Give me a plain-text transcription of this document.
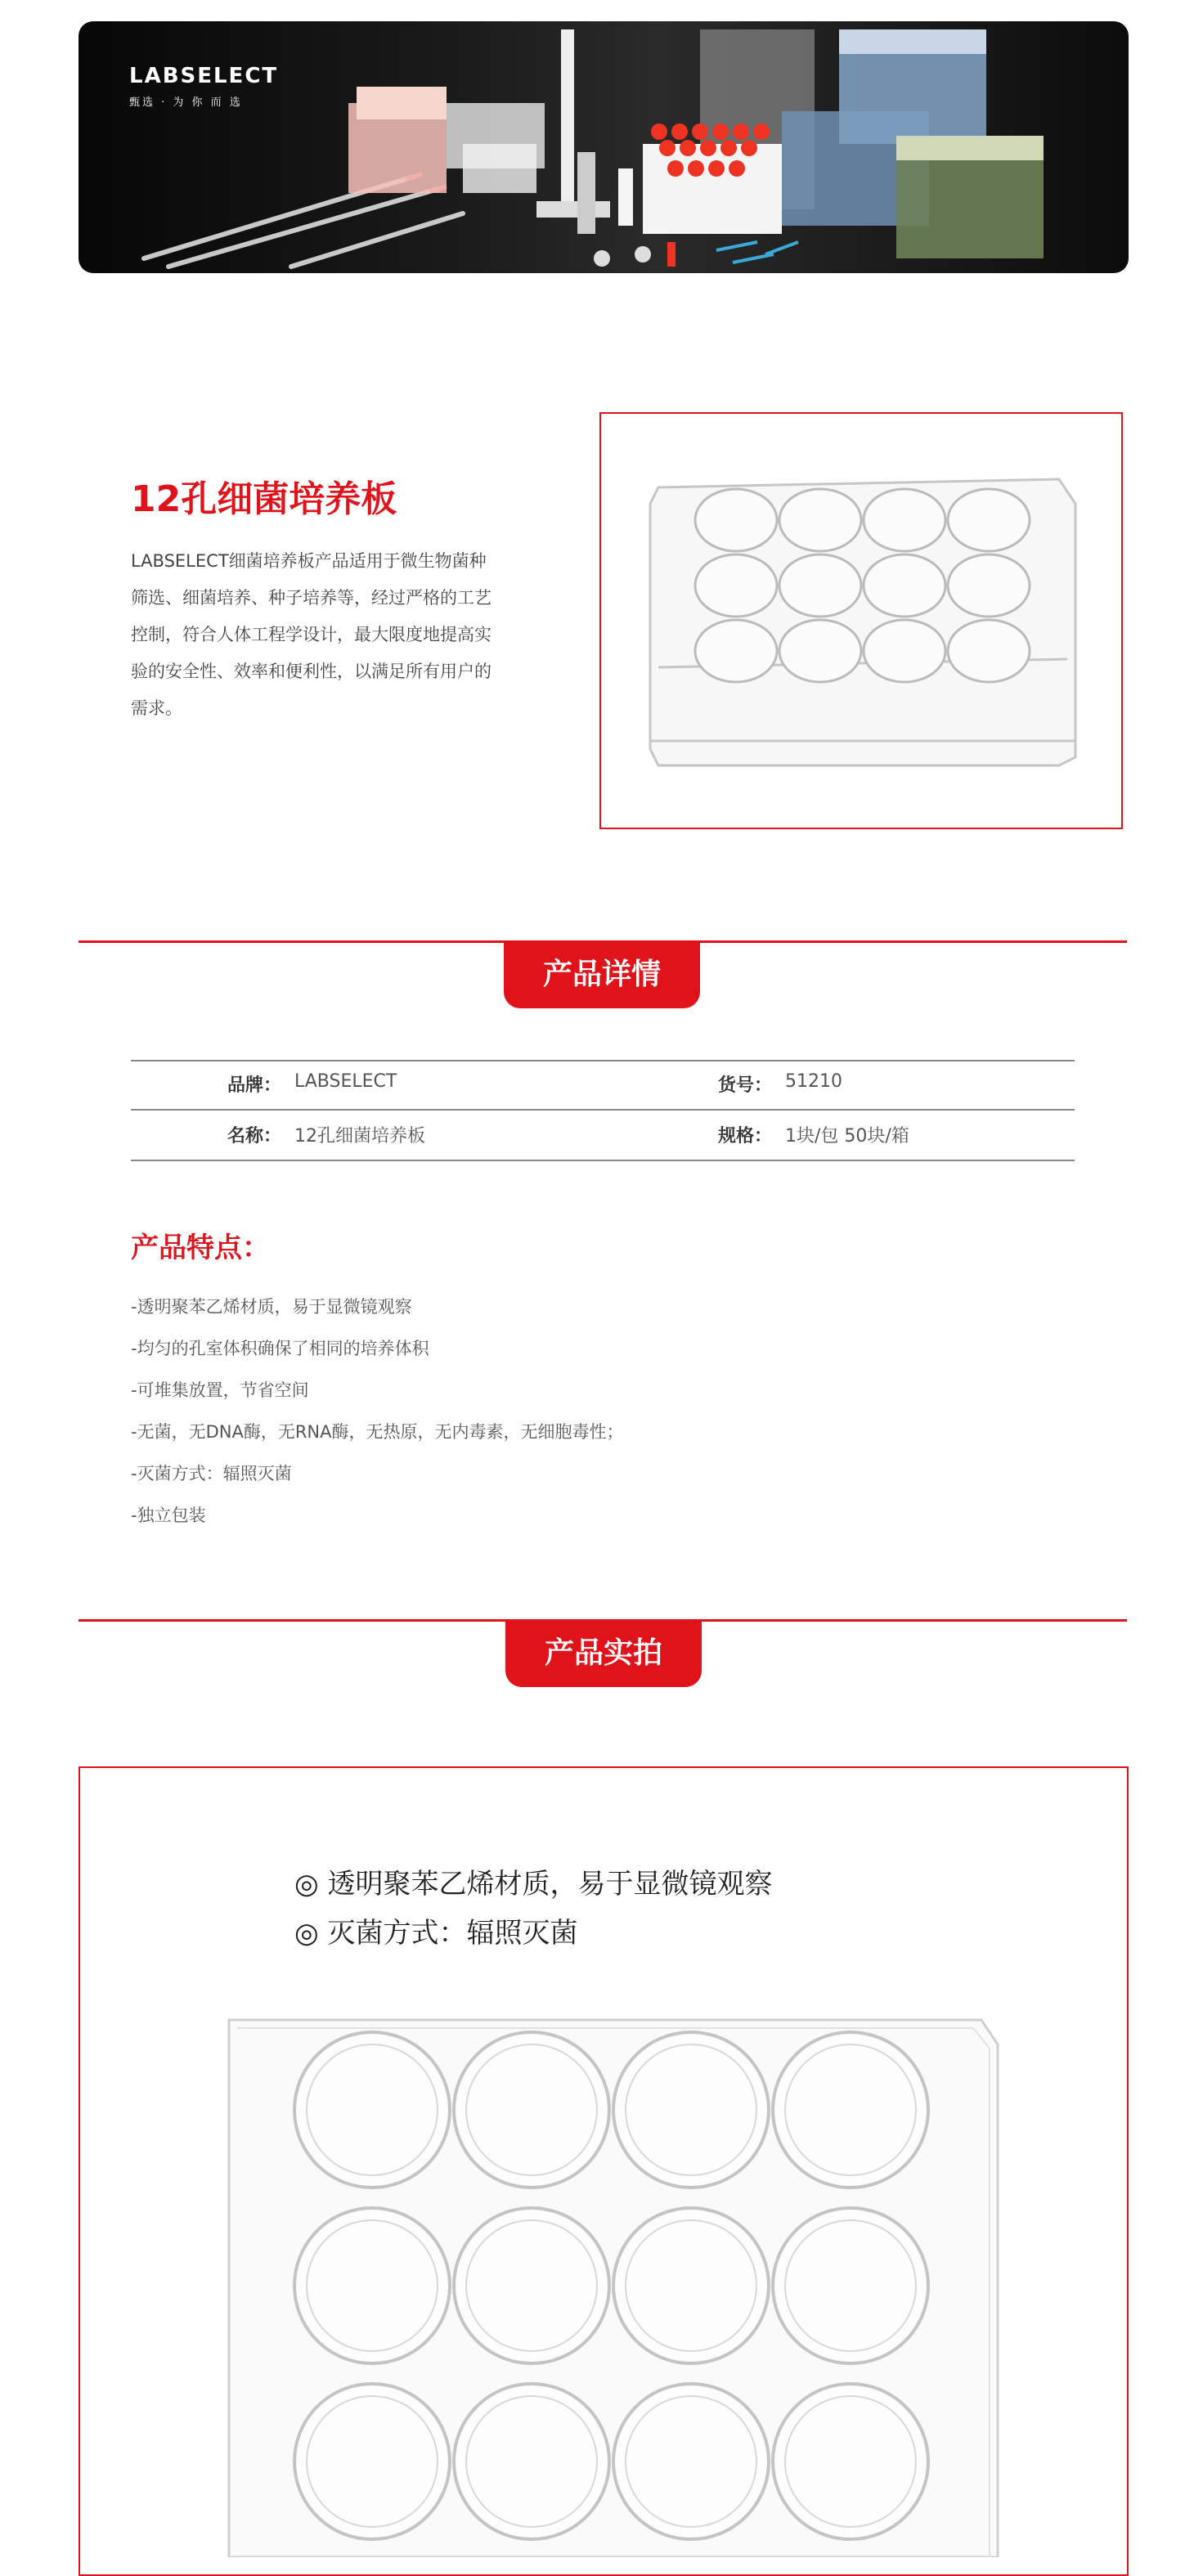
LABSELECT
甄选 · 为 你 而 选
12孔细菌培养板
LABSELECT细菌培养板产品适用于微生物菌种
筛选、细菌培养、种子培养等，经过严格的工艺
控制，符合人体工程学设计，最大限度地提高实
验的安全性、效率和便利性，以满足所有用户的
需求。
产品详情
品牌： LABSELECT	货号： 51210
名称： 12孔细菌培养板	规格： 1块/包 50块/箱
产品特点：
-透明聚苯乙烯材质，易于显微镜观察
-均匀的孔室体积确保了相同的培养体积
-可堆集放置，节省空间
-无菌，无DNA酶，无RNA酶，无热原，无内毒素，无细胞毒性；
-灭菌方式：辐照灭菌
-独立包装
产品实拍
◎ 透明聚苯乙烯材质，易于显微镜观察
◎ 灭菌方式：辐照灭菌
